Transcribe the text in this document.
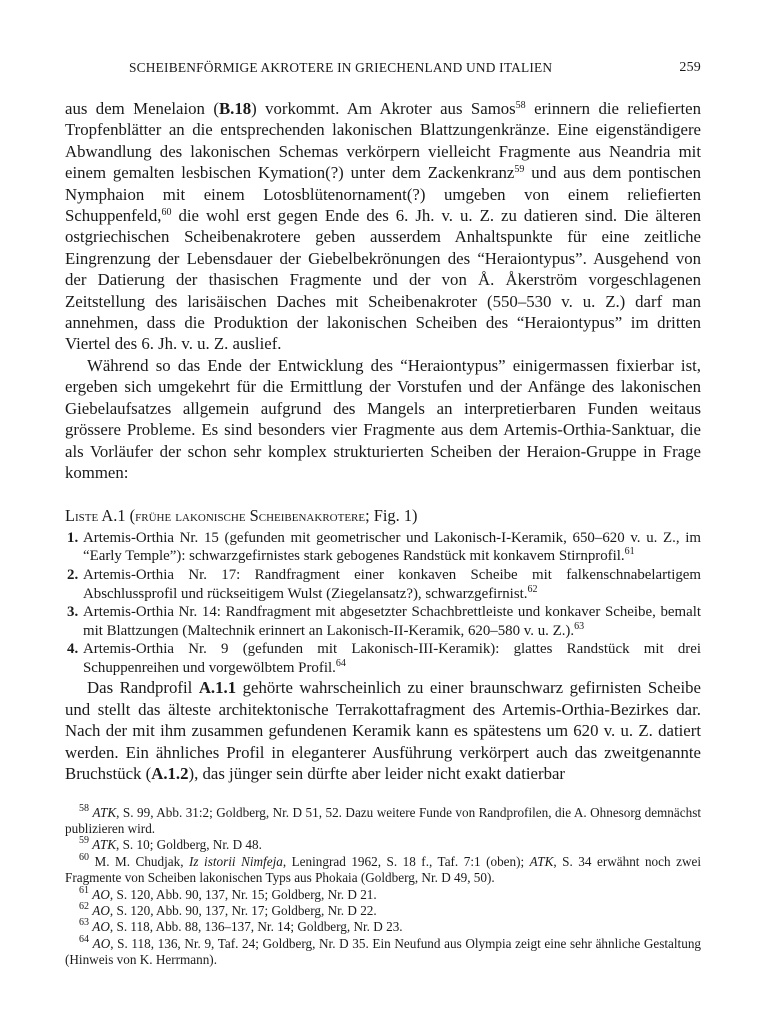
SCHEIBENFÖRMIGE AKROTERE IN GRIECHENLAND UND ITALIEN	259

aus dem Menelaion (B.18) vorkommt. Am Akroter aus Samos$^{58}$ erinnern die reliefierten Tropfenblätter an die entsprechenden lakonischen Blattzungenkränze. Eine eigenständigere Abwandlung des lakonischen Schemas verkörpern vielleicht Fragmente aus Neandria mit einem gemalten lesbischen Kymation(?) unter dem Zackenkranz$^{59}$ und aus dem pontischen Nymphaion mit einem Lotosblütenornament(?) umgeben von einem reliefierten Schuppenfeld,$^{60}$ die wohl erst gegen Ende des 6. Jh. v. u. Z. zu datieren sind. Die älteren ostgriechischen Scheibenakrotere geben ausserdem Anhaltspunkte für eine zeitliche Eingrenzung der Lebensdauer der Giebelbekrönungen des “Heraiontypus”. Ausgehend von der Datierung der thasischen Fragmente und der von Å. Åkerström vorgeschlagenen Zeitstellung des larisäischen Daches mit Scheibenakroter (550–530 v. u. Z.) darf man annehmen, dass die Produktion der lakonischen Scheiben des “Heraiontypus” im dritten Viertel des 6. Jh. v. u. Z. auslief.

Während so das Ende der Entwicklung des “Heraiontypus” einigermassen fixierbar ist, ergeben sich umgekehrt für die Ermittlung der Vorstufen und der Anfänge des lakonischen Giebelaufsatzes allgemein aufgrund des Mangels an interpretierbaren Funden weitaus grössere Probleme. Es sind besonders vier Fragmente aus dem Artemis-Orthia-Sanktuar, die als Vorläufer der schon sehr komplex strukturierten Scheiben der Heraion-Gruppe in Frage kommen:

Liste A.1 (frühe lakonische Scheibenakrotere; Fig. 1)
1. Artemis-Orthia Nr. 15 (gefunden mit geometrischer und Lakonisch-I-Keramik, 650–620 v. u. Z., im “Early Temple”): schwarzgefirnistes stark gebogenes Randstück mit konkavem Stirnprofil.$^{61}$
2. Artemis-Orthia Nr. 17: Randfragment einer konkaven Scheibe mit falkenschnabelartigem Abschlussprofil und rückseitigem Wulst (Ziegelansatz?), schwarzgefirnist.$^{62}$
3. Artemis-Orthia Nr. 14: Randfragment mit abgesetzter Schachbrettleiste und konkaver Scheibe, bemalt mit Blattzungen (Maltechnik erinnert an Lakonisch-II-Keramik, 620–580 v. u. Z.).$^{63}$
4. Artemis-Orthia Nr. 9 (gefunden mit Lakonisch-III-Keramik): glattes Randstück mit drei Schuppenreihen und vorgewölbtem Profil.$^{64}$

Das Randprofil A.1.1 gehörte wahrscheinlich zu einer braunschwarz gefirnisten Scheibe und stellt das älteste architektonische Terrakottafragment des Artemis-Orthia-Bezirkes dar. Nach der mit ihm zusammen gefundenen Keramik kann es spätestens um 620 v. u. Z. datiert werden. Ein ähnliches Profil in eleganterer Ausführung verkörpert auch das zweitgenannte Bruchstück (A.1.2), das jünger sein dürfte aber leider nicht exakt datierbar

$^{58}$ ATK, S. 99, Abb. 31:2; Goldberg, Nr. D 51, 52. Dazu weitere Funde von Randprofilen, die A. Ohnesorg demnächst publizieren wird.

$^{59}$ ATK, S. 10; Goldberg, Nr. D 48.

$^{60}$ M. M. Chudjak, Iz istorii Nimfeja, Leningrad 1962, S. 18 f., Taf. 7:1 (oben); ATK, S. 34 erwähnt noch zwei Fragmente von Scheiben lakonischen Typs aus Phokaia (Goldberg, Nr. D 49, 50).

$^{61}$ AO, S. 120, Abb. 90, 137, Nr. 15; Goldberg, Nr. D 21.

$^{62}$ AO, S. 120, Abb. 90, 137, Nr. 17; Goldberg, Nr. D 22.

$^{63}$ AO, S. 118, Abb. 88, 136–137, Nr. 14; Goldberg, Nr. D 23.

$^{64}$ AO, S. 118, 136, Nr. 9, Taf. 24; Goldberg, Nr. D 35. Ein Neufund aus Olympia zeigt eine sehr ähnliche Gestaltung (Hinweis von K. Herrmann).
